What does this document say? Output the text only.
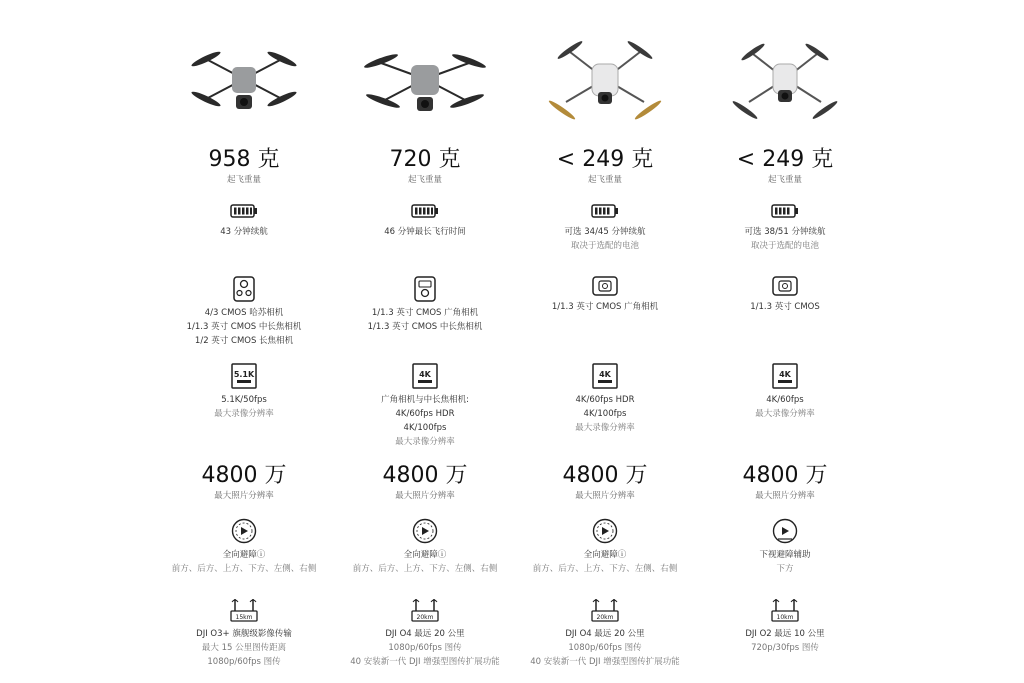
958 克
起飞重量
43 分钟续航
4/3 CMOS 哈苏相机
1/1.3 英寸 CMOS 中长焦相机
1/2 英寸 CMOS 长焦相机
5.1K
5.1K/50fps
最大录像分辨率
4800 万
最大照片分辨率
全向避障ⓘ
前方、后方、上方、下方、左侧、右侧
15km
DJI O3+ 旗舰级影像传输
最大 15 公里图传距离
1080p/60fps 图传
720 克
起飞重量
46 分钟最长飞行时间
1/1.3 英寸 CMOS 广角相机
1/1.3 英寸 CMOS 中长焦相机
4K
广角相机与中长焦相机:
4K/60fps HDR
4K/100fps
最大录像分辨率
4800 万
最大照片分辨率
全向避障ⓘ
前方、后方、上方、下方、左侧、右侧
20km
DJI O4 最远 20 公里
1080p/60fps 图传
40 安装新一代 DJI 增强型图传扩展功能
< 249 克
起飞重量
可选 34/45 分钟续航
取决于选配的电池
1/1.3 英寸 CMOS 广角相机
4K
4K/60fps HDR
4K/100fps
最大录像分辨率
4800 万
最大照片分辨率
全向避障ⓘ
前方、后方、上方、下方、左侧、右侧
20km
DJI O4 最远 20 公里
1080p/60fps 图传
40 安装新一代 DJI 增强型图传扩展功能
< 249 克
起飞重量
可选 38/51 分钟续航
取决于选配的电池
1/1.3 英寸 CMOS
4K
4K/60fps
最大录像分辨率
4800 万
最大照片分辨率
下视避障辅助
下方
10km
DJI O2 最远 10 公里
720p/30fps 图传
